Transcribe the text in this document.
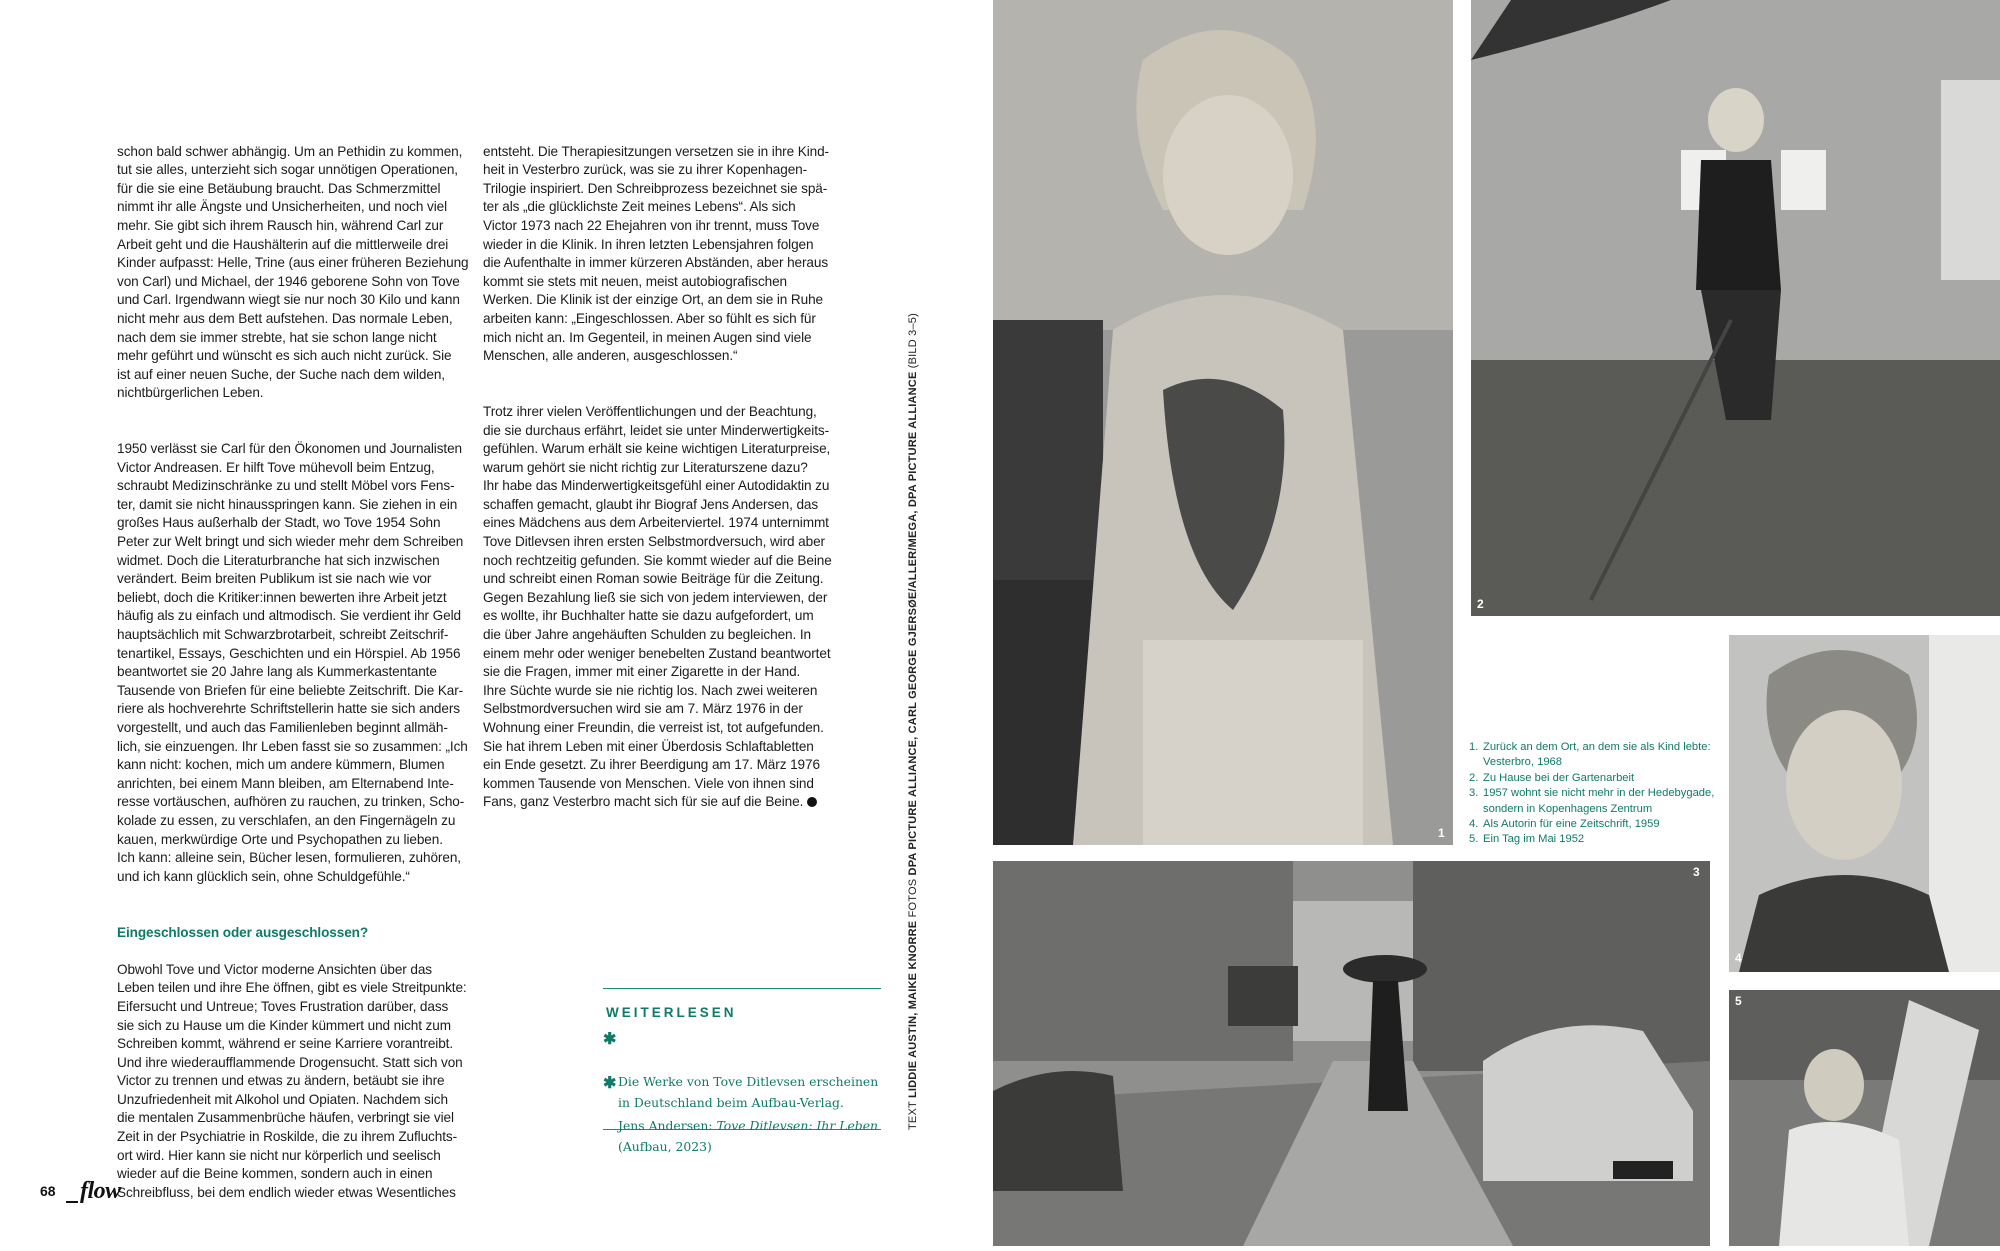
schon bald schwer abhängig. Um an Pethidin zu kommen,
tut sie alles, unterzieht sich sogar unnötigen Operationen,
für die sie eine Betäubung braucht. Das Schmerzmittel
nimmt ihr alle Ängste und Unsicherheiten, und noch viel
mehr. Sie gibt sich ihrem Rausch hin, während Carl zur
Arbeit geht und die Haushälterin auf die mittlerweile drei
Kinder aufpasst: Helle, Trine (aus einer früheren Beziehung
von Carl) und Michael, der 1946 geborene Sohn von Tove
und Carl. Irgendwann wiegt sie nur noch 30 Kilo und kann
nicht mehr aus dem Bett aufstehen. Das normale Leben,
nach dem sie immer strebte, hat sie schon lange nicht
mehr geführt und wünscht es sich auch nicht zurück. Sie
ist auf einer neuen Suche, der Suche nach dem wilden,
nichtbürgerlichen Leben.

1950 verlässt sie Carl für den Ökonomen und Journalisten
Victor Andreasen. Er hilft Tove mühevoll beim Entzug,
schraubt Medizinschränke zu und stellt Möbel vors Fens-
ter, damit sie nicht hinausspringen kann. Sie ziehen in ein
großes Haus außerhalb der Stadt, wo Tove 1954 Sohn
Peter zur Welt bringt und sich wieder mehr dem Schreiben
widmet. Doch die Literaturbranche hat sich inzwischen
verändert. Beim breiten Publikum ist sie nach wie vor
beliebt, doch die Kritiker:innen bewerten ihre Arbeit jetzt
häufig als zu einfach und altmodisch. Sie verdient ihr Geld
hauptsächlich mit Schwarzbrotarbeit, schreibt Zeitschrif-
tenartikel, Essays, Geschichten und ein Hörspiel. Ab 1956
beantwortet sie 20 Jahre lang als Kummerkastentante
Tausende von Briefen für eine beliebte Zeitschrift. Die Kar-
riere als hochverehrte Schriftstellerin hatte sie sich anders
vorgestellt, und auch das Familienleben beginnt allmäh-
lich, sie einzuengen. Ihr Leben fasst sie so zusammen: „Ich
kann nicht: kochen, mich um andere kümmern, Blumen
anrichten, bei einem Mann bleiben, am Elternabend Inte-
resse vortäuschen, aufhören zu rauchen, zu trinken, Scho-
kolade zu essen, zu verschlafen, an den Fingernägeln zu
kauen, merkwürdige Orte und Psychopathen zu lieben.
Ich kann: alleine sein, Bücher lesen, formulieren, zuhören,
und ich kann glücklich sein, ohne Schuldgefühle.“

Eingeschlossen oder ausgeschlossen?

Obwohl Tove und Victor moderne Ansichten über das
Leben teilen und ihre Ehe öffnen, gibt es viele Streitpunkte:
Eifersucht und Untreue; Toves Frustration darüber, dass
sie sich zu Hause um die Kinder kümmert und nicht zum
Schreiben kommt, während er seine Karriere vorantreibt.
Und ihre wiederaufflammende Drogensucht. Statt sich von
Victor zu trennen und etwas zu ändern, betäubt sie ihre
Unzufriedenheit mit Alkohol und Opiaten. Nachdem sich
die mentalen Zusammenbrüche häufen, verbringt sie viel
Zeit in der Psychiatrie in Roskilde, die zu ihrem Zufluchts-
ort wird. Hier kann sie nicht nur körperlich und seelisch
wieder auf die Beine kommen, sondern auch in einen
Schreibfluss, bei dem endlich wieder etwas Wesentliches

entsteht. Die Therapiesitzungen versetzen sie in ihre Kind-
heit in Vesterbro zurück, was sie zu ihrer Kopenhagen-
Trilogie inspiriert. Den Schreibprozess bezeichnet sie spä-
ter als „die glücklichste Zeit meines Lebens“. Als sich
Victor 1973 nach 22 Ehejahren von ihr trennt, muss Tove
wieder in die Klinik. In ihren letzten Lebensjahren folgen
die Aufenthalte in immer kürzeren Abständen, aber heraus
kommt sie stets mit neuen, meist autobiografischen
Werken. Die Klinik ist der einzige Ort, an dem sie in Ruhe
arbeiten kann: „Eingeschlossen. Aber so fühlt es sich für
mich nicht an. Im Gegenteil, in meinen Augen sind viele
Menschen, alle anderen, ausgeschlossen.“

Trotz ihrer vielen Veröffentlichungen und der Beachtung,
die sie durchaus erfährt, leidet sie unter Minderwertigkeits-
gefühlen. Warum erhält sie keine wichtigen Literaturpreise,
warum gehört sie nicht richtig zur Literaturszene dazu?
Ihr habe das Minderwertigkeitsgefühl einer Autodidaktin zu
schaffen gemacht, glaubt ihr Biograf Jens Andersen, das
eines Mädchens aus dem Arbeiterviertel. 1974 unternimmt
Tove Ditlevsen ihren ersten Selbstmordversuch, wird aber
noch rechtzeitig gefunden. Sie kommt wieder auf die Beine
und schreibt einen Roman sowie Beiträge für die Zeitung.
Gegen Bezahlung ließ sie sich von jedem interviewen, der
es wollte, ihr Buchhalter hatte sie dazu aufgefordert, um
die über Jahre angehäuften Schulden zu begleichen. In
einem mehr oder weniger benebelten Zustand beantwortet
sie die Fragen, immer mit einer Zigarette in der Hand.
Ihre Süchte wurde sie nie richtig los. Nach zwei weiteren
Selbstmordversuchen wird sie am 7. März 1976 in der
Wohnung einer Freundin, die verreist ist, tot aufgefunden.
Sie hat ihrem Leben mit einer Überdosis Schlaftabletten
ein Ende gesetzt. Zu ihrer Beerdigung am 17. März 1976
kommen Tausende von Menschen. Viele von ihnen sind
Fans, ganz Vesterbro macht sich für sie auf die Beine.

WEITERLESEN

✱

Die Werke von Tove Ditlevsen erscheinen
in Deutschland beim Aufbau-Verlag.

✱

Jens Andersen: Tove Ditlevsen: Ihr Leben
(Aufbau, 2023)

TEXT LIDDIE AUSTIN, MAIKE KNORRE FOTOS DPA PICTURE ALLIANCE, CARL GEORGE GJERSØE/ALLER/MEGA, DPA PICTURE ALLIANCE (BILD 3–5)
68 flow
1
2
1. Zurück an dem Ort, an dem sie als Kind lebte:
Vesterbro, 1968
2. Zu Hause bei der Gartenarbeit
3. 1957 wohnt sie nicht mehr in der Hedebygade,
sondern in Kopenhagens Zentrum
4. Als Autorin für eine Zeitschrift, 1959
5. Ein Tag im Mai 1952
3
4
5
